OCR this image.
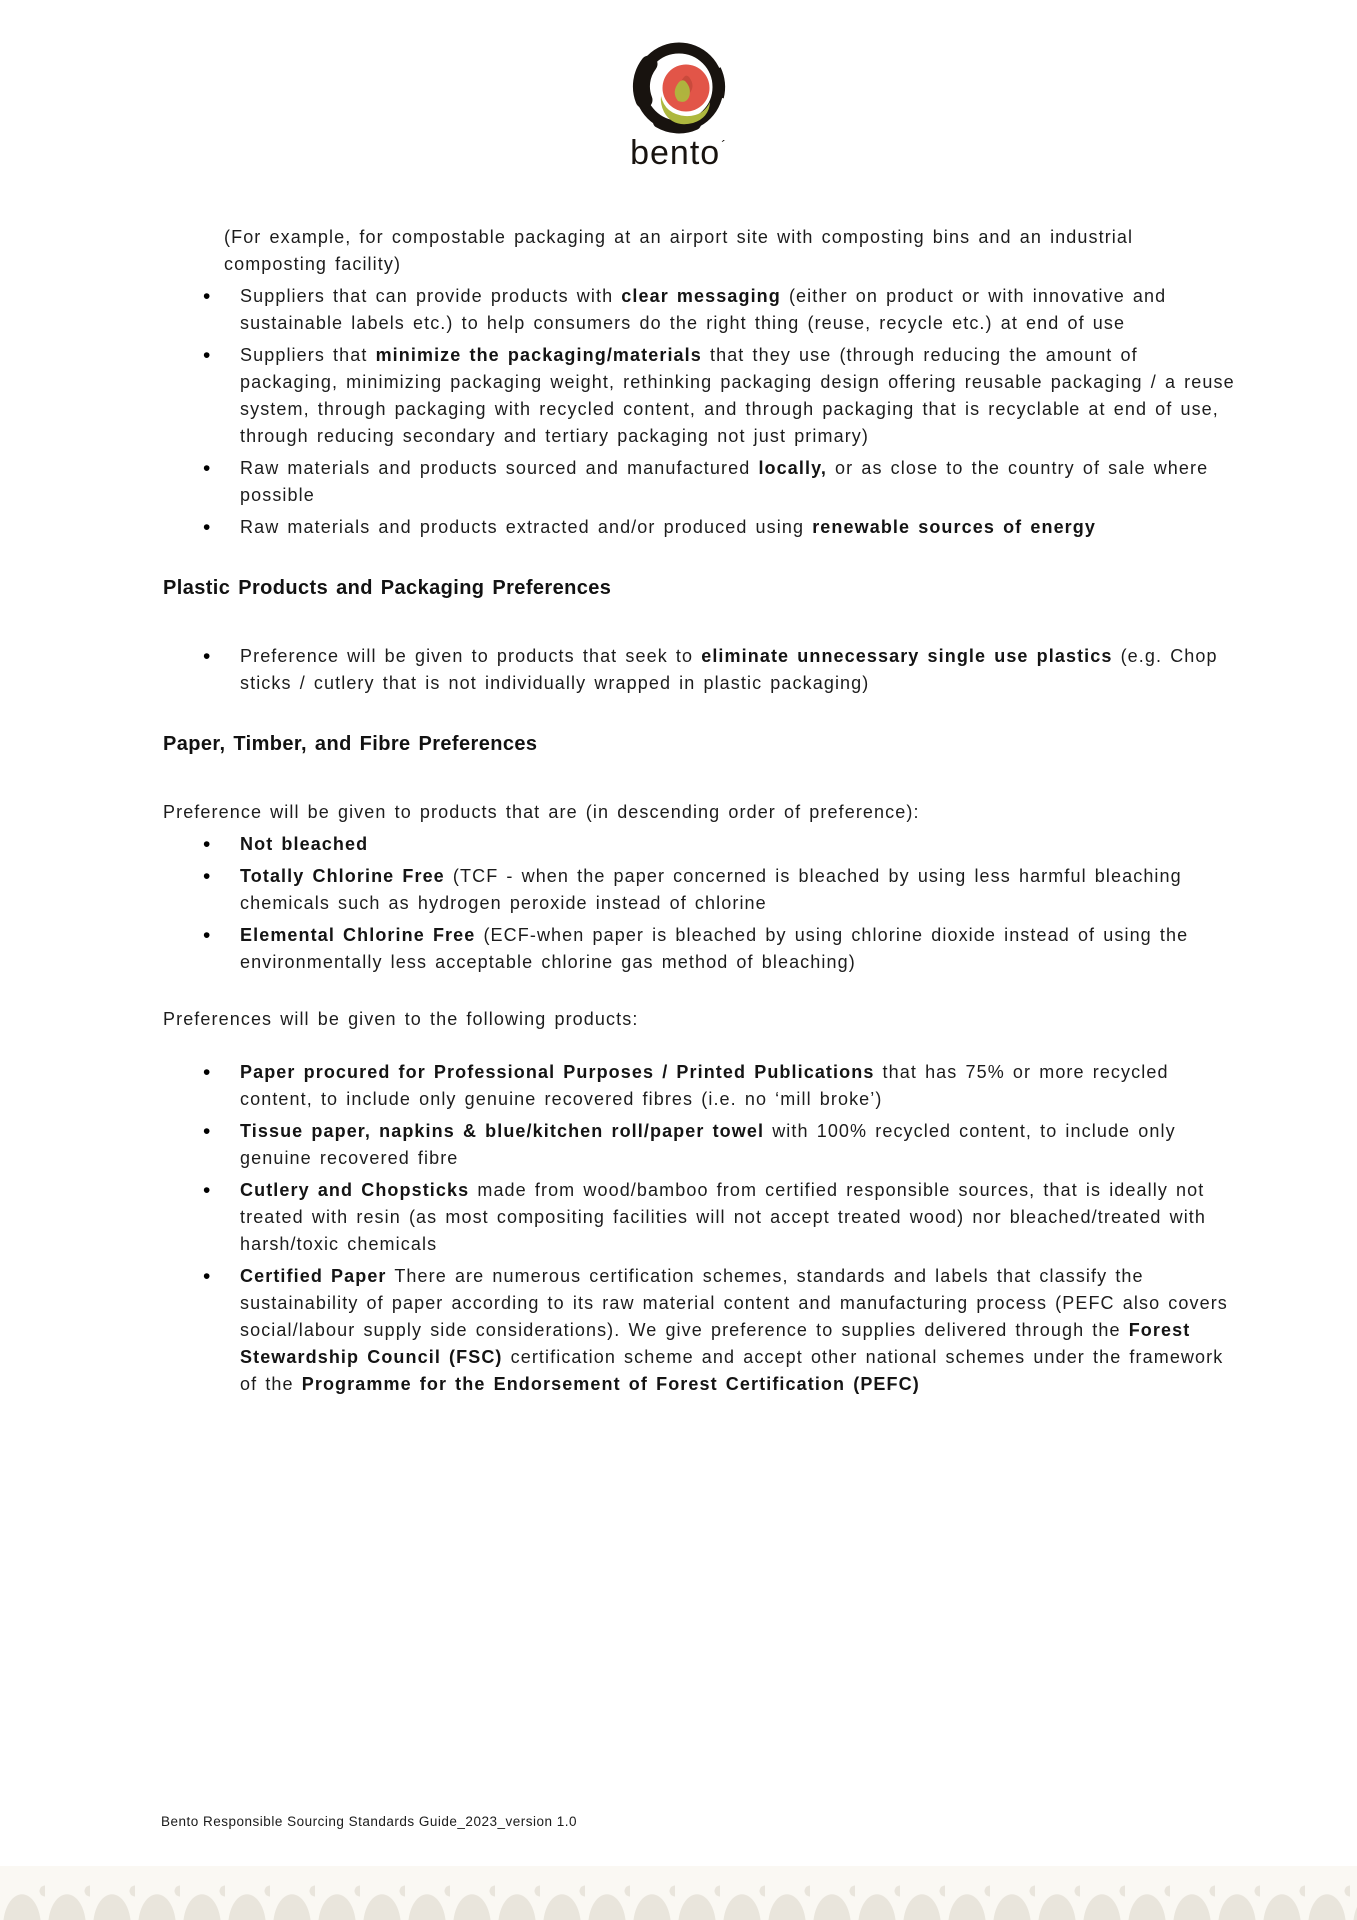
bento ´
(For example, for compostable packaging at an airport site with composting bins and an industrial composting facility)
• Suppliers that can provide products with clear messaging (either on product or with innovative and sustainable labels etc.) to help consumers do the right thing (reuse, recycle etc.) at end of use
• Suppliers that minimize the packaging/materials that they use (through reducing the amount of packaging, minimizing packaging weight, rethinking packaging design offering reusable packaging / a reuse system, through packaging with recycled content, and through packaging that is recyclable at end of use, through reducing secondary and tertiary packaging not just primary)
• Raw materials and products sourced and manufactured locally, or as close to the country of sale where possible
• Raw materials and products extracted and/or produced using renewable sources of energy
Plastic Products and Packaging Preferences
• Preference will be given to products that seek to eliminate unnecessary single use plastics (e.g. Chop sticks / cutlery that is not individually wrapped in plastic packaging)
Paper, Timber, and Fibre Preferences
Preference will be given to products that are (in descending order of preference):
• Not bleached
• Totally Chlorine Free (TCF - when the paper concerned is bleached by using less harmful bleaching chemicals such as hydrogen peroxide instead of chlorine
• Elemental Chlorine Free (ECF-when paper is bleached by using chlorine dioxide instead of using the environmentally less acceptable chlorine gas method of bleaching)
Preferences will be given to the following products:
• Paper procured for Professional Purposes / Printed Publications that has 75% or more recycled content, to include only genuine recovered fibres (i.e. no ‘mill broke’)
• Tissue paper, napkins & blue/kitchen roll/paper towel with 100% recycled content, to include only genuine recovered fibre
• Cutlery and Chopsticks made from wood/bamboo from certified responsible sources, that is ideally not treated with resin (as most compositing facilities will not accept treated wood) nor bleached/treated with harsh/toxic chemicals
• Certified Paper There are numerous certification schemes, standards and labels that classify the sustainability of paper according to its raw material content and manufacturing process (PEFC also covers social/labour supply side considerations). We give preference to supplies delivered through the Forest Stewardship Council (FSC) certification scheme and accept other national schemes under the framework of the Programme for the Endorsement of Forest Certification (PEFC)
Bento Responsible Sourcing Standards Guide_2023_version 1.0
